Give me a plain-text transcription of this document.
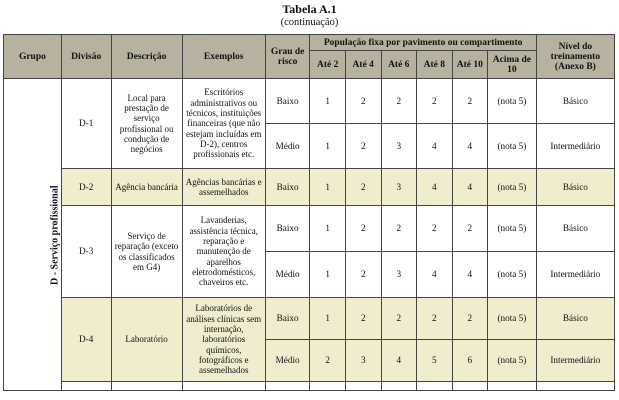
Tabela A.1
(continuação)
Grupo	Divisão	Descrição	Exemplos	Grau de risco	População fixa por pavimento ou compartimento						Nível do treinamento (Anexo B)
					Até 2	Até 4	Até 6	Até 8	Até 10	Acima de 10	
D - Serviço profissional	D-1	Local para prestação de serviço profissional ou condução de negócios	Escritórios administrativos ou técnicos, instituições financeiras (que não estejam incluídas em D-2), centros profissionais etc.	Baixo	1	2	2	2	2	(nota 5)	Básico
				Médio	1	2	3	4	4	(nota 5)	Intermediário
	D-2	Agência bancária	Agências bancárias e assemelhados	Baixo	1	2	3	4	4	(nota 5)	Básico
	D-3	Serviço de reparação (exceto os classificados em G4)	Lavanderias, assistência técnica, reparação e manutenção de aparelhos eletrodomésticos, chaveiros etc.	Baixo	1	2	2	2	2	(nota 5)	Básico
				Médio	1	2	3	4	4	(nota 5)	Intermediário
	D-4	Laboratório	Laboratórios de análises clínicas sem internação, laboratórios químicos, fotográficos e assemelhados	Baixo	1	2	2	2	2	(nota 5)	Básico
				Médio	2	3	4	5	6	(nota 5)	Intermediário
